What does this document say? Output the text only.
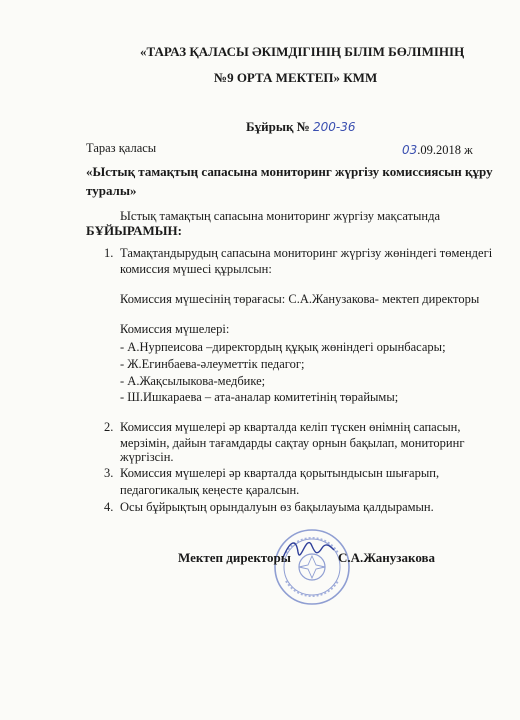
«ТАРАЗ ҚАЛАСЫ ӘКІМДІГІНІҢ БІЛІМ БӨЛІМІНІҢ
№9 ОРТА МЕКТЕП» КММ
Бұйрық № 200-36
Тараз қаласы	03.09.2018 ж
«Ыстық тамақтың сапасына мониторинг жүргізу комиссиясын құру
туралы»
Ыстық тамақтың сапасына мониторинг жүргізу мақсатында
БҰЙЫРАМЫН:
1. Тамақтандырудың сапасына мониторинг жүргізу жөніндегі төмендегі
комиссия мүшесі құрылсын:
Комиссия мүшесінің төрағасы: С.А.Жанузакова- мектеп директоры
Комиссия мүшелері:
- А.Нурпеисова –директордың құқық жөніндегі орынбасары;
- Ж.Егинбаева-әлеуметтік педагог;
- А.Жақсылыкова-медбике;
- Ш.Ишкараева – ата-аналар комитетінің төрайымы;
2. Комиссия мүшелері әр кварталда келіп түскен өнімнің сапасын,
мерзімін, дайын тағамдарды сақтау орнын бақылап, мониторинг
жүргізсін.
3. Комиссия мүшелері әр кварталда қорытындысын шығарып,
педагогикалық кеңесте қаралсын.
4. Осы бұйрықтың орындалуын өз бақылауыма қалдырамын.
Мектеп директоры	С.А.Жанузакова
